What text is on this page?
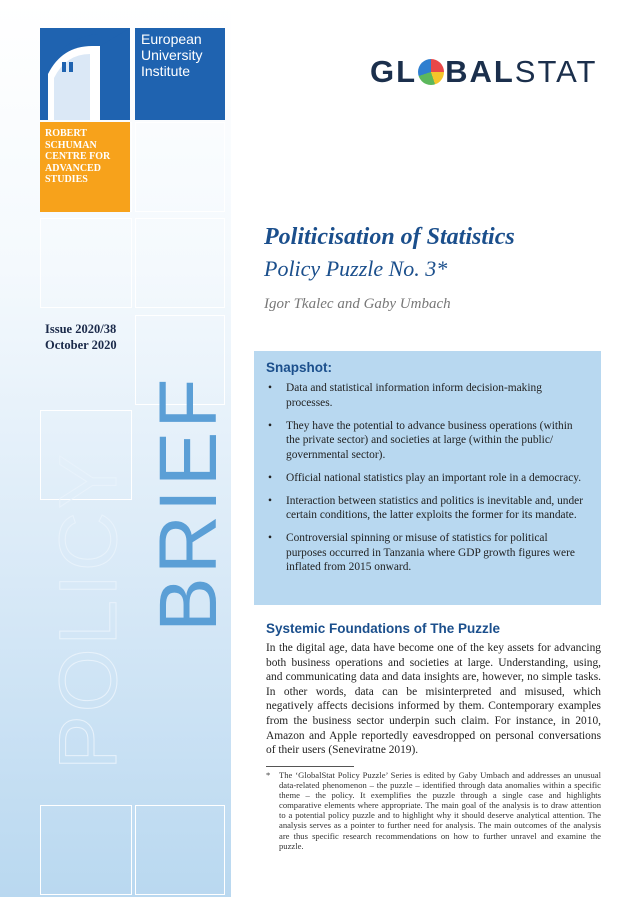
European
University
Institute
ROBERT
SCHUMAN
CENTRE FOR
ADVANCED
STUDIES
Issue 2020/38
October 2020
POLICY BRIEF
GL BALSTAT
Politicisation of Statistics
Policy Puzzle No. 3*
Igor Tkalec and Gaby Umbach
Snapshot:
• Data and statistical information inform decision-making processes.
• They have the potential to advance business operations (within the private sector) and societies at large (within the public/ governmental sector).
• Official national statistics play an important role in a democracy.
• Interaction between statistics and politics is inevitable and, under certain conditions, the latter exploits the former for its mandate.
• Controversial spinning or misuse of statistics for political purposes occurred in Tanzania where GDP growth figures were inflated from 2015 onward.
Systemic Foundations of The Puzzle
In the digital age, data have become one of the key assets for advancing both business operations and societies at large. Understanding, using, and communicating data and data insights are, however, no simple tasks. In other words, data can be misinterpreted and misused, which negatively affects decisions informed by them. Contemporary examples from the business sector underpin such claim. For instance, in 2010, Amazon and Apple reportedly eavesdropped on personal conversations of their users (Seneviratne 2019).
*	The ‘GlobalStat Policy Puzzle’ Series is edited by Gaby Umbach and addresses an unusual data-related phenomenon – the puzzle – identified through data anomalies within a specific theme – the policy. It exemplifies the puzzle through a single case and highlights comparative elements where appropriate. The main goal of the analysis is to draw attention to a potential policy puzzle and to highlight why it should deserve analytical attention. The analysis serves as a pointer to further need for analysis. The main outcomes of the analysis are thus specific research recommendations on how to further unravel and examine the puzzle.
